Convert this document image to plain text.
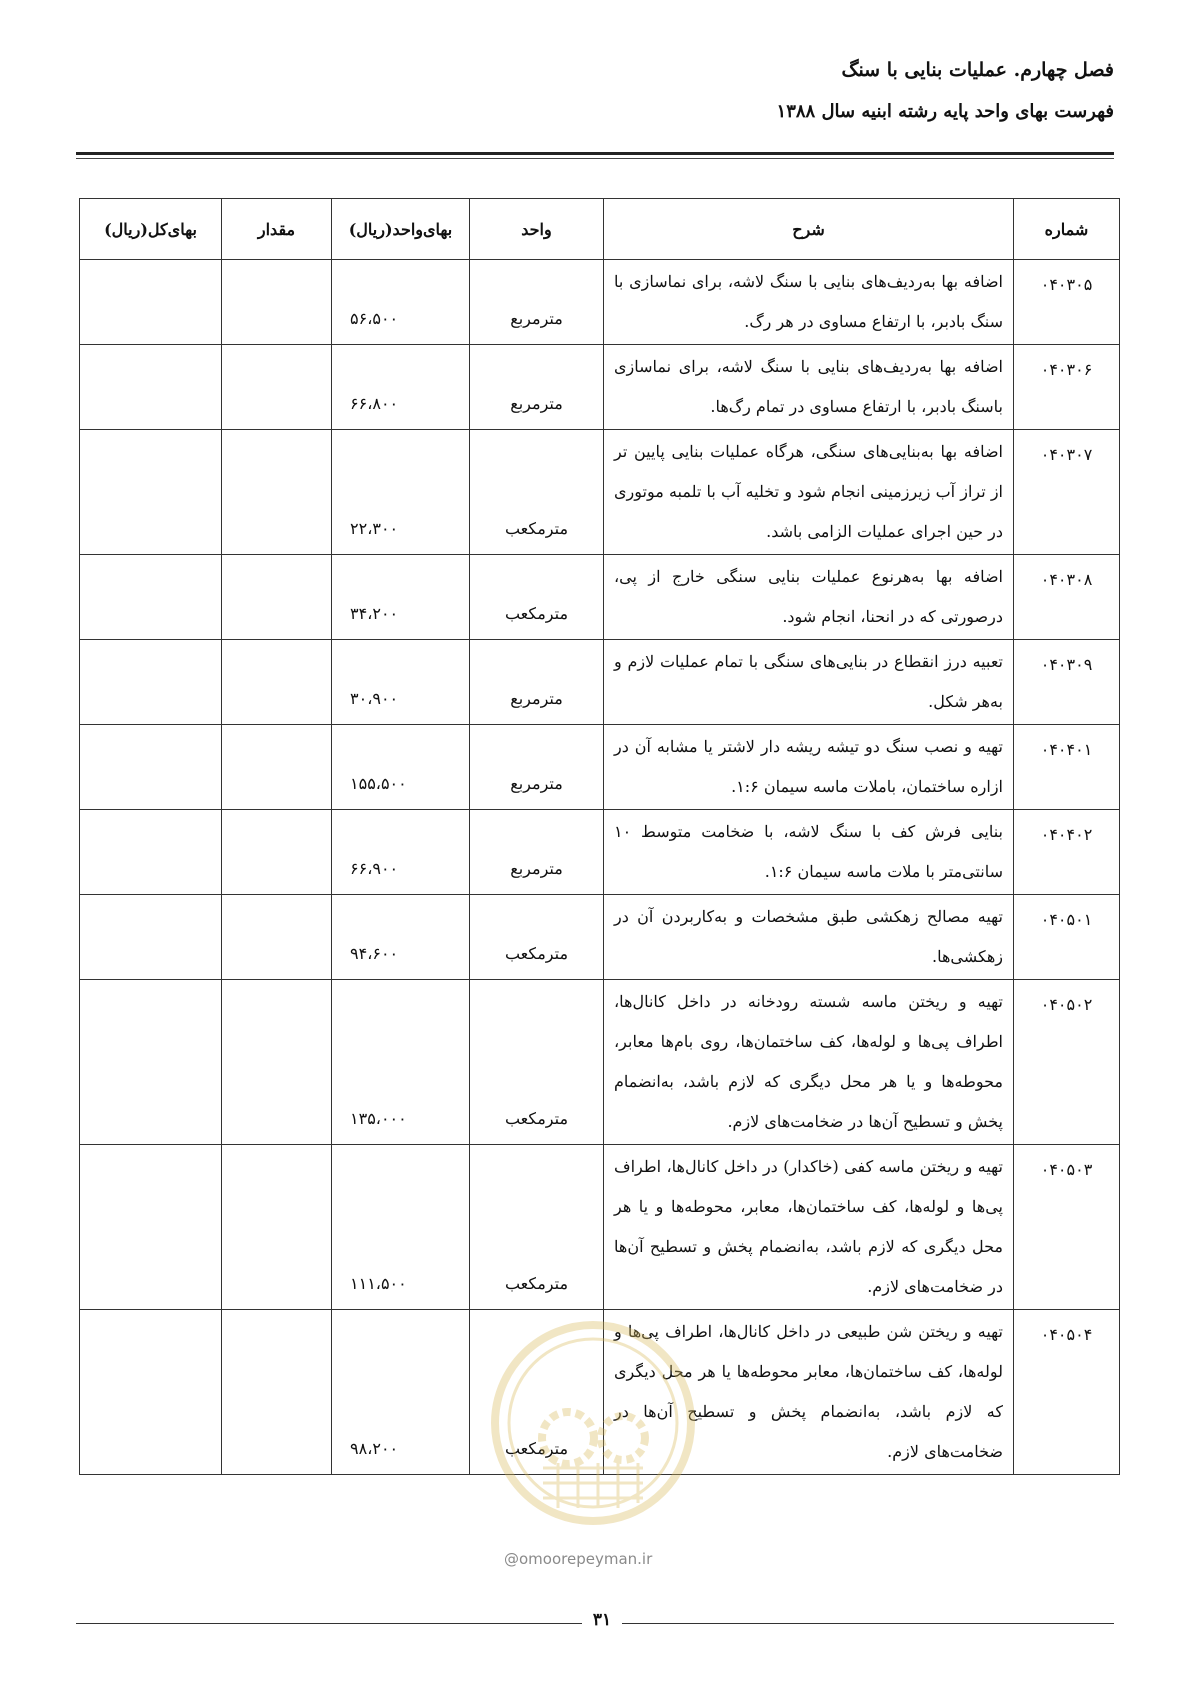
فصل چهارم. عملیات بنایی با سنگ
فهرست بهای واحد پایه رشته ابنیه سال ۱۳۸۸
شماره	شرح	واحد	بهای‌واحد(ریال)	مقدار	بهای‌کل(ریال)
۰۴۰۳۰۵	اضافه بها به‌ردیف‌های بنایی با سنگ لاشه، برای نماسازی با سنگ بادبر، با ارتفاع مساوی در هر رگ.	مترمربع	۵۶،۵۰۰		
۰۴۰۳۰۶	اضافه بها به‌ردیف‌های بنایی با سنگ لاشه، برای نماسازی باسنگ بادبر، با ارتفاع مساوی در تمام رگ‌ها.	مترمربع	۶۶،۸۰۰		
۰۴۰۳۰۷	اضافه بها به‌بنایی‌های سنگی، هرگاه عملیات بنایی پایین تر از تراز آب زیرزمینی انجام شود و تخلیه آب با تلمبه موتوری در حین اجرای عملیات الزامی باشد.	مترمکعب	۲۲،۳۰۰		
۰۴۰۳۰۸	اضافه بها به‌هرنوع عملیات بنایی سنگی خارج از پی، درصورتی که در انحنا، انجام شود.	مترمکعب	۳۴،۲۰۰		
۰۴۰۳۰۹	تعبیه درز انقطاع در بنایی‌های سنگی با تمام عملیات لازم و به‌هر شکل.	مترمربع	۳۰،۹۰۰		
۰۴۰۴۰۱	تهیه و نصب سنگ دو تیشه ریشه دار لاشتر یا مشابه آن در ازاره ساختمان، باملات ماسه سیمان ۱:۶.	مترمربع	۱۵۵،۵۰۰		
۰۴۰۴۰۲	بنایی فرش کف با سنگ لاشه، با ضخامت متوسط ۱۰ سانتی‌متر با ملات ماسه سیمان ۱:۶.	مترمربع	۶۶،۹۰۰		
۰۴۰۵۰۱	تهیه مصالح زهکشی طبق مشخصات و به‌کاربردن آن در زهکشی‌ها.	مترمکعب	۹۴،۶۰۰		
۰۴۰۵۰۲	تهیه و ریختن ماسه شسته رودخانه در داخل کانال‌ها، اطراف پی‌ها و لوله‌ها، کف ساختمان‌ها، روی بام‌ها معابر، محوطه‌ها و یا هر محل دیگری که لازم باشد، به‌انضمام پخش و تسطیح آن‌ها در ضخامت‌های لازم.	مترمکعب	۱۳۵،۰۰۰		
۰۴۰۵۰۳	تهیه و ریختن ماسه کفی (خاکدار) در داخل کانال‌ها، اطراف پی‌ها و لوله‌ها، کف ساختمان‌ها، معابر، محوطه‌ها و یا هر محل دیگری که لازم باشد، به‌انضمام پخش و تسطیح آن‌ها در ضخامت‌های لازم.	مترمکعب	۱۱۱،۵۰۰		
۰۴۰۵۰۴	تهیه و ریختن شن طبیعی در داخل کانال‌ها، اطراف پی‌ها و لوله‌ها، کف ساختمان‌ها، معابر محوطه‌ها یا هر محل دیگری که لازم باشد، به‌انضمام پخش و تسطیح آن‌ها در ضخامت‌های لازم.	مترمکعب	۹۸،۲۰۰		
@omoorepeyman.ir
۳۱
